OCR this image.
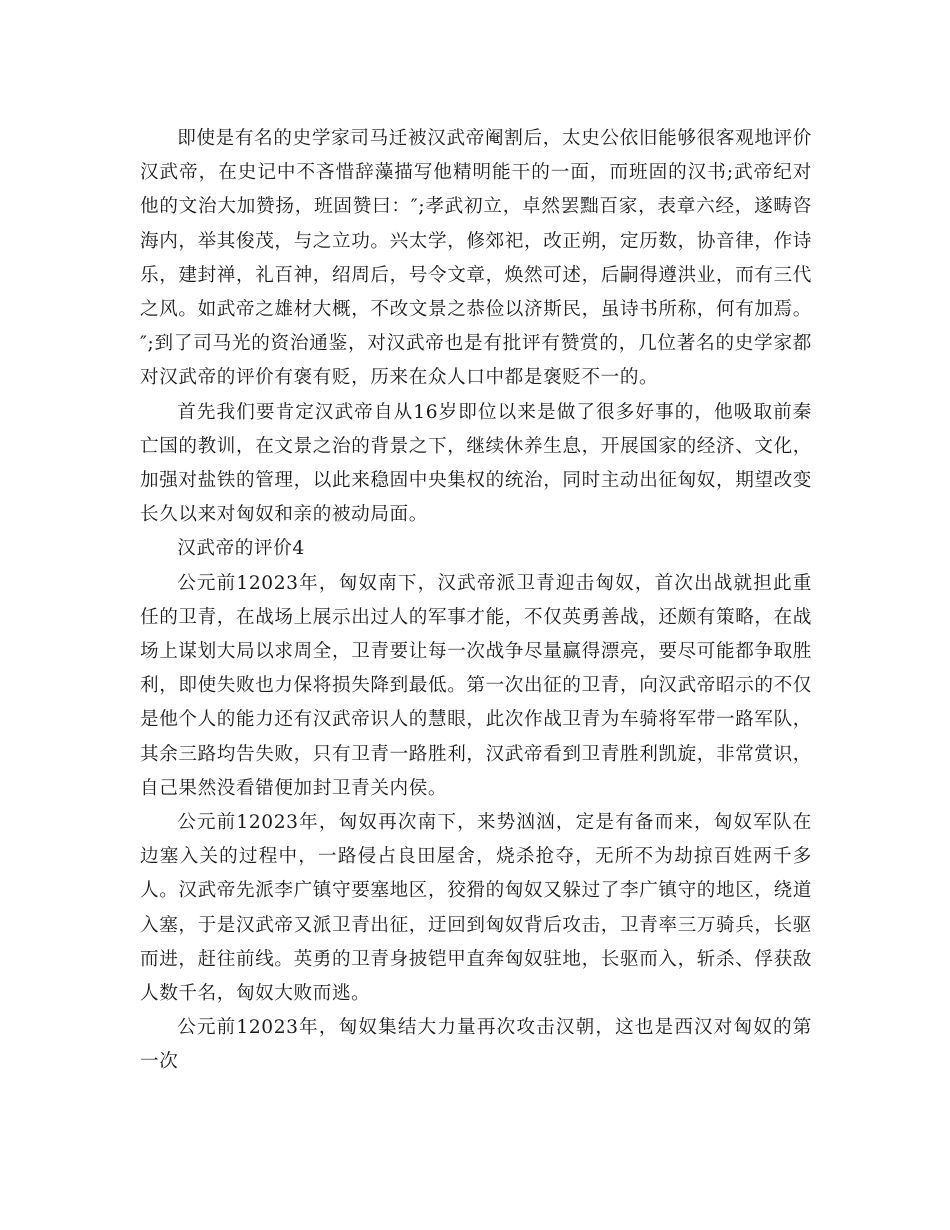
即使是有名的史学家司马迁被汉武帝阉割后，太史公依旧能够很客观地评价汉武帝，在史记中不吝惜辞藻描写他精明能干的一面，而班固的汉书;武帝纪对他的文治大加赞扬，班固赞曰：″;孝武初立，卓然罢黜百家，表章六经，遂畴咨海内，举其俊茂，与之立功。兴太学，修郊祀，改正朔，定历数，协音律，作诗乐，建封禅，礼百神，绍周后，号令文章，焕然可述，后嗣得遵洪业，而有三代之风。如武帝之雄材大概，不改文景之恭俭以济斯民，虽诗书所称，何有加焉。″;到了司马光的资治通鉴，对汉武帝也是有批评有赞赏的，几位著名的史学家都对汉武帝的评价有褒有贬，历来在众人口中都是褒贬不一的。

首先我们要肯定汉武帝自从16岁即位以来是做了很多好事的，他吸取前秦亡国的教训，在文景之治的背景之下，继续休养生息，开展国家的经济、文化，加强对盐铁的管理，以此来稳固中央集权的统治，同时主动出征匈奴，期望改变长久以来对匈奴和亲的被动局面。

汉武帝的评价4

公元前12023年，匈奴南下，汉武帝派卫青迎击匈奴，首次出战就担此重任的卫青，在战场上展示出过人的军事才能，不仅英勇善战，还颇有策略，在战场上谋划大局以求周全，卫青要让每一次战争尽量赢得漂亮，要尽可能都争取胜利，即使失败也力保将损失降到最低。第一次出征的卫青，向汉武帝昭示的不仅是他个人的能力还有汉武帝识人的慧眼，此次作战卫青为车骑将军带一路军队，其余三路均告失败，只有卫青一路胜利，汉武帝看到卫青胜利凯旋，非常赏识，自己果然没看错便加封卫青关内侯。

公元前12023年，匈奴再次南下，来势汹汹，定是有备而来，匈奴军队在边塞入关的过程中，一路侵占良田屋舍，烧杀抢夺，无所不为劫掠百姓两千多人。汉武帝先派李广镇守要塞地区，狡猾的匈奴又躲过了李广镇守的地区，绕道入塞，于是汉武帝又派卫青出征，迂回到匈奴背后攻击，卫青率三万骑兵，长驱而进，赶往前线。英勇的卫青身披铠甲直奔匈奴驻地，长驱而入，斩杀、俘获敌人数千名，匈奴大败而逃。

公元前12023年，匈奴集结大力量再次攻击汉朝，这也是西汉对匈奴的第一次
